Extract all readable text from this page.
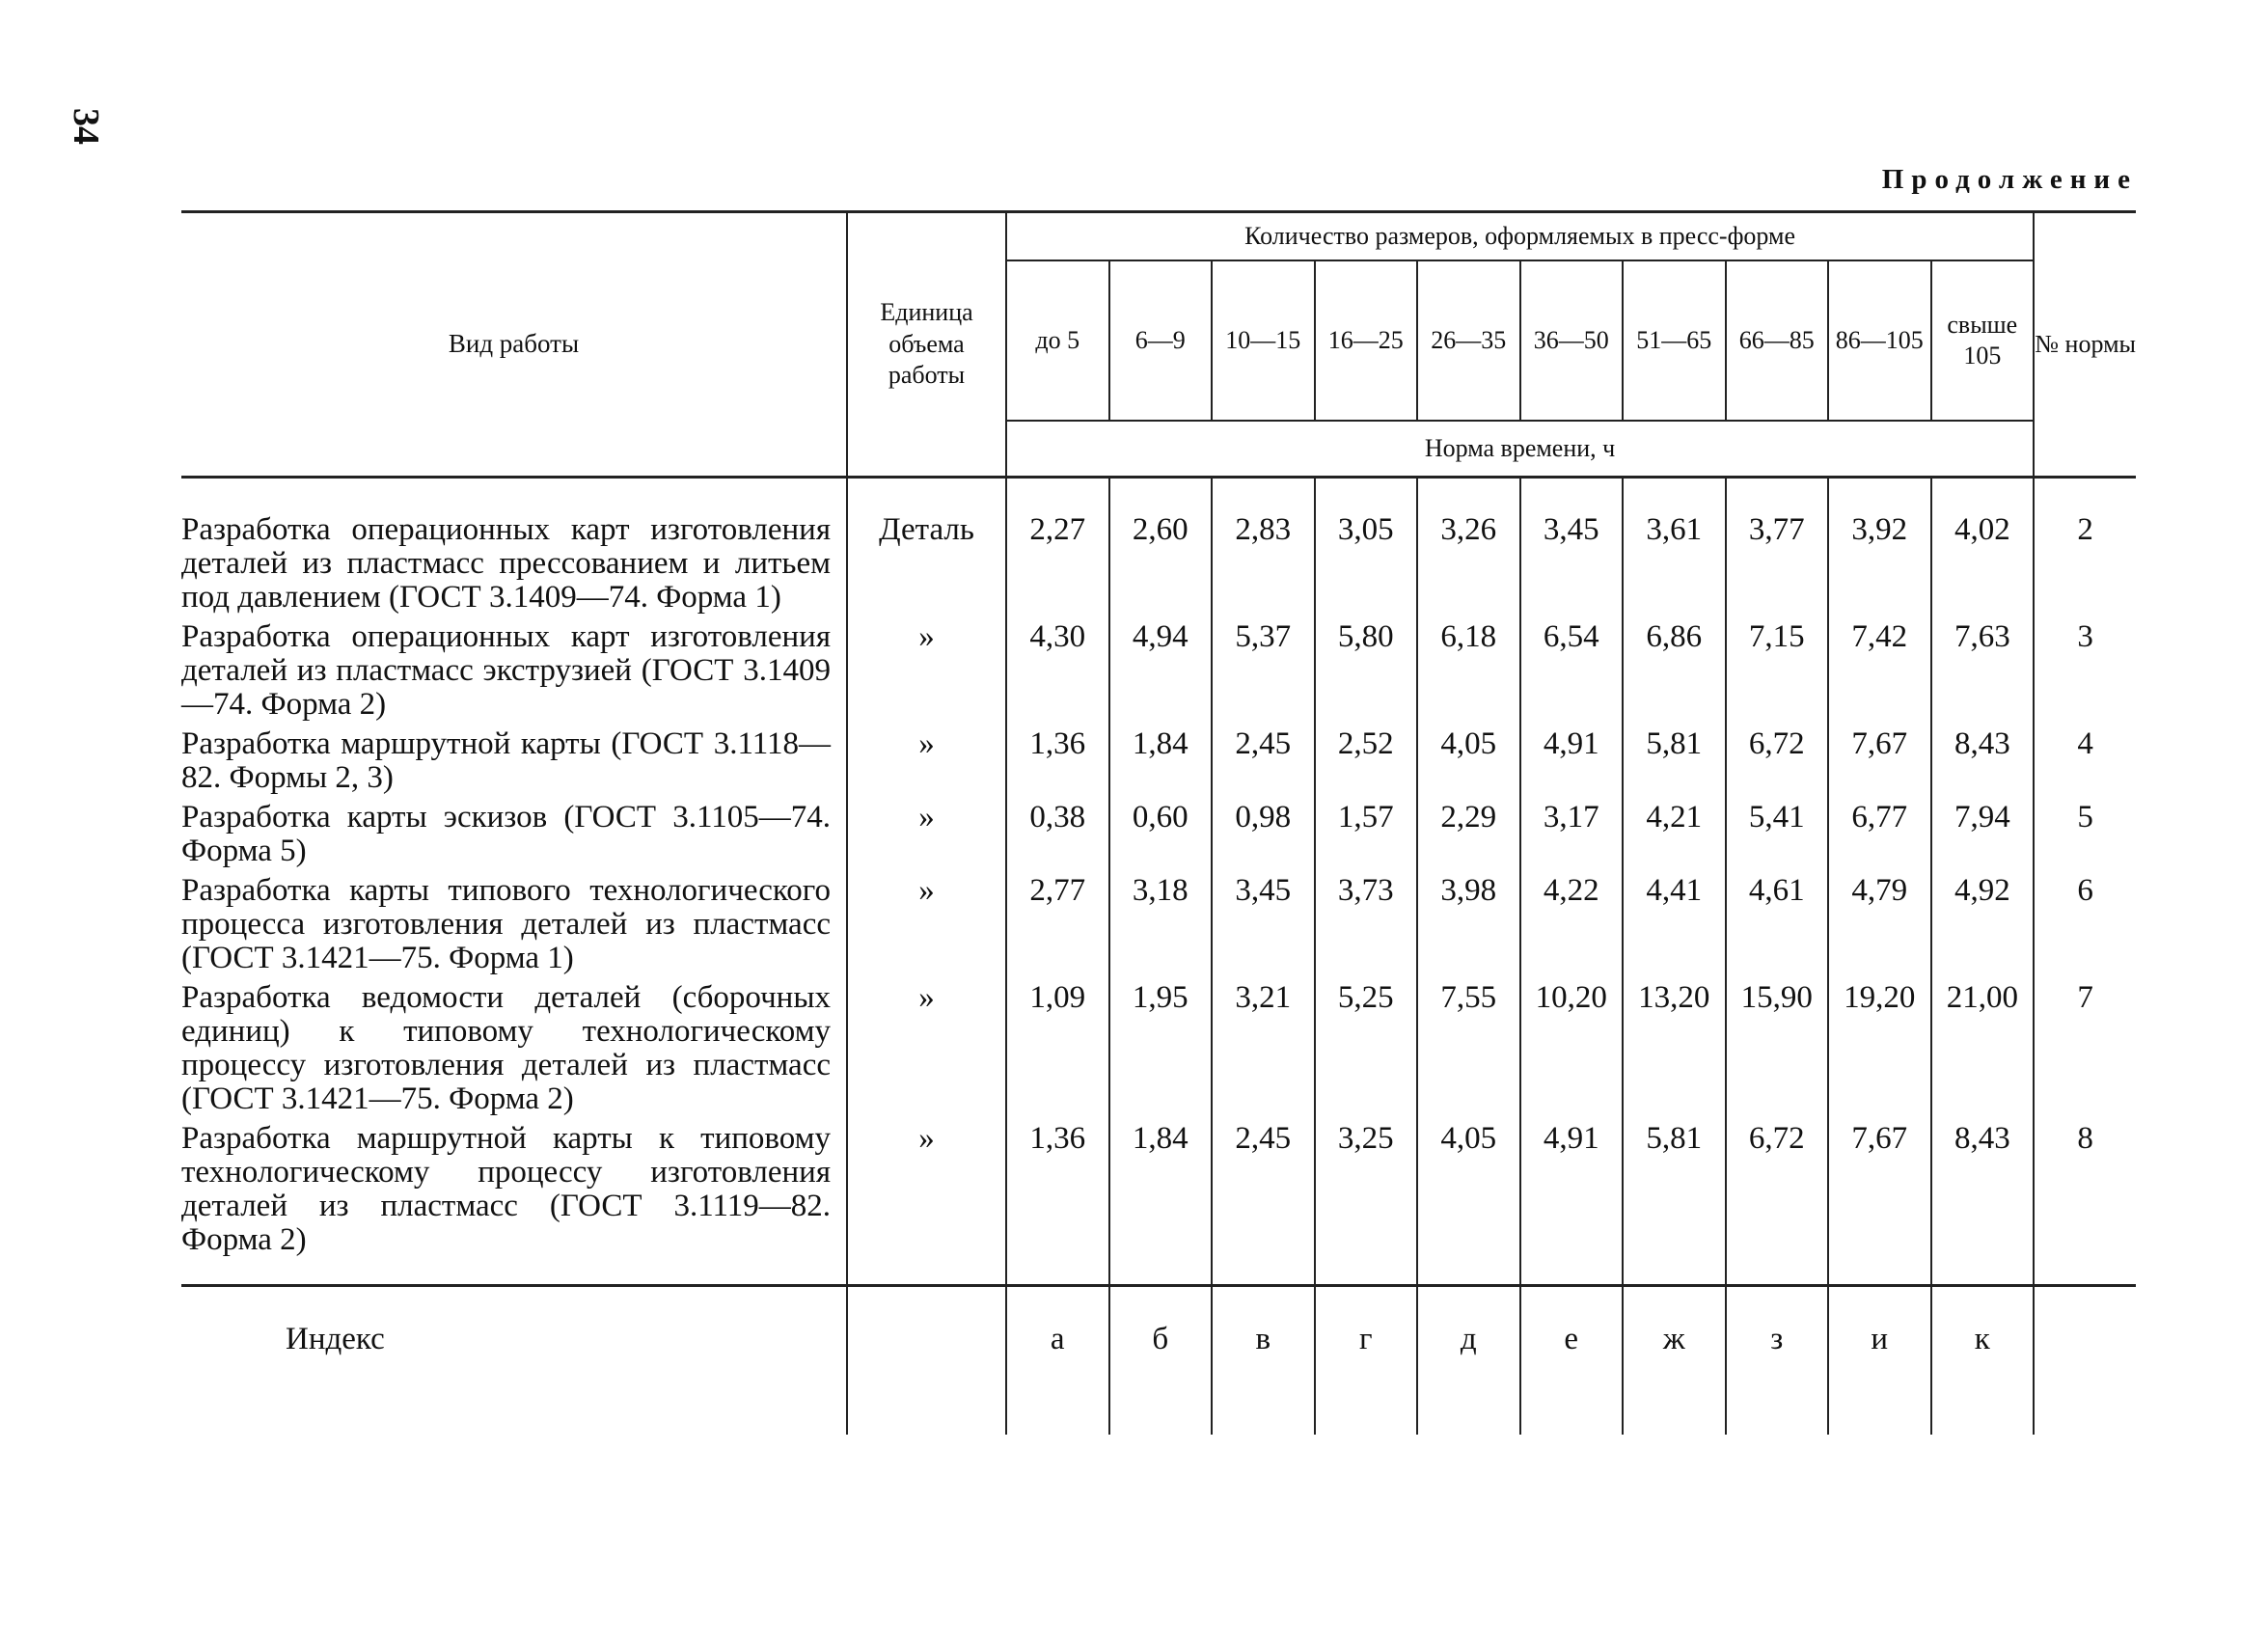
34
Продолжение
Вид работы	Единица объема работы	Количество размеров, оформляемых в пресс-форме										№ нормы
		до 5	6—9	10—15	16—25	26—35	36—50	51—65	66—85	86—105	свыше 105	
		Норма времени, ч										
Разработка операционных карт изготовления деталей из пластмасс прессованием и литьем под давлением (ГОСТ 3.1409—74. Форма 1)	Деталь	2,27	2,60	2,83	3,05	3,26	3,45	3,61	3,77	3,92	4,02	2
Разработка операционных карт изготовления деталей из пластмасс экструзией (ГОСТ 3.1409—74. Форма 2)	»	4,30	4,94	5,37	5,80	6,18	6,54	6,86	7,15	7,42	7,63	3
Разработка маршрутной карты (ГОСТ 3.1118—82. Формы 2, 3)	»	1,36	1,84	2,45	2,52	4,05	4,91	5,81	6,72	7,67	8,43	4
Разработка карты эскизов (ГОСТ 3.1105—74. Форма 5)	»	0,38	0,60	0,98	1,57	2,29	3,17	4,21	5,41	6,77	7,94	5
Разработка карты типового технологического процесса изготовления деталей из пластмасс (ГОСТ 3.1421—75. Форма 1)	»	2,77	3,18	3,45	3,73	3,98	4,22	4,41	4,61	4,79	4,92	6
Разработка ведомости деталей (сборочных единиц) к типовому технологическому процессу изготовления деталей из пластмасс (ГОСТ 3.1421—75. Форма 2)	»	1,09	1,95	3,21	5,25	7,55	10,20	13,20	15,90	19,20	21,00	7
Разработка маршрутной карты к типовому технологическому процессу изготовления деталей из пластмасс (ГОСТ 3.1119—82. Форма 2)	»	1,36	1,84	2,45	3,25	4,05	4,91	5,81	6,72	7,67	8,43	8
Индекс		а	б	в	г	д	е	ж	з	и	к	
